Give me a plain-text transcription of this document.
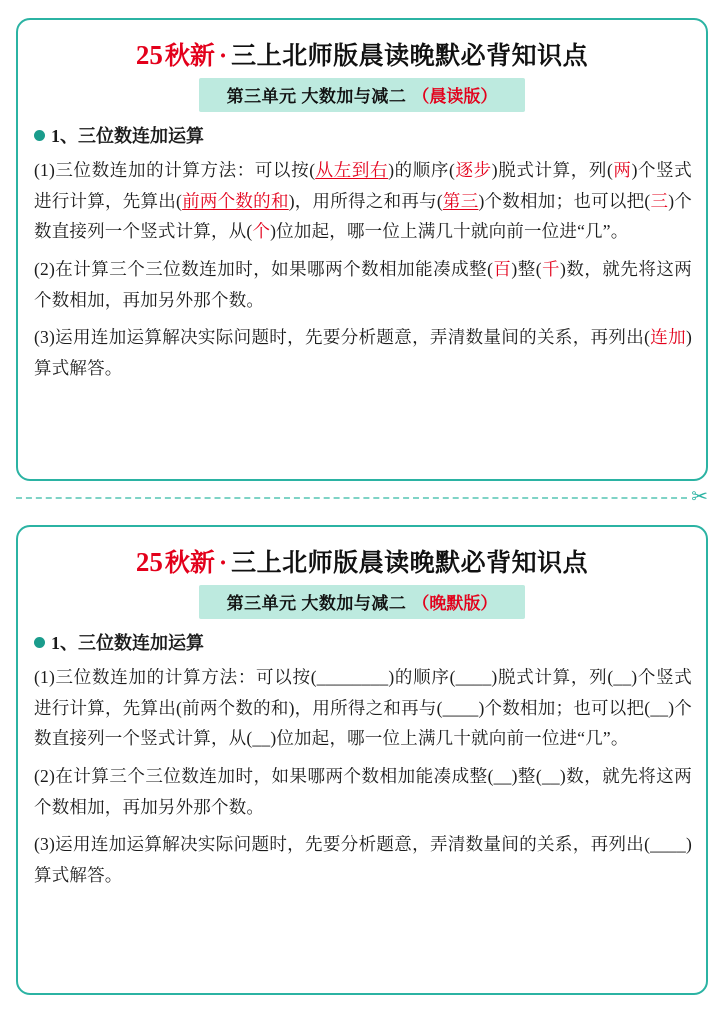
25 秋新 · 三上北师版晨读晚默必背知识点
第三单元 大数加与减二 （晨读版）
1、三位数连加运算
(1)三位数连加的计算方法：可以按(从左到右)的顺序(逐步)脱式计算，列(两)个竖式进行计算，先算出(前两个数的和)，用所得之和再与(第三)个数相加；也可以把(三)个数直接列一个竖式计算，从(个)位加起，哪一位上满几十就向前一位进“几”。
(2)在计算三个三位数连加时，如果哪两个数相加能凑成整(百)整(千)数，就先将这两个数相加，再加另外那个数。
(3)运用连加运算解决实际问题时，先要分析题意，弄清数量间的关系，再列出(连加)算式解答。
✂
25 秋新 · 三上北师版晨读晚默必背知识点
第三单元 大数加与减二 （晚默版）
1、三位数连加运算
(1)三位数连加的计算方法：可以按(________)的顺序(____)脱式计算，列(__)个竖式进行计算，先算出(前两个数的和)，用所得之和再与(____)个数相加；也可以把(__)个数直接列一个竖式计算，从(__)位加起，哪一位上满几十就向前一位进“几”。
(2)在计算三个三位数连加时，如果哪两个数相加能凑成整(__)整(__)数，就先将这两个数相加，再加另外那个数。
(3)运用连加运算解决实际问题时，先要分析题意，弄清数量间的关系，再列出(____)算式解答。
